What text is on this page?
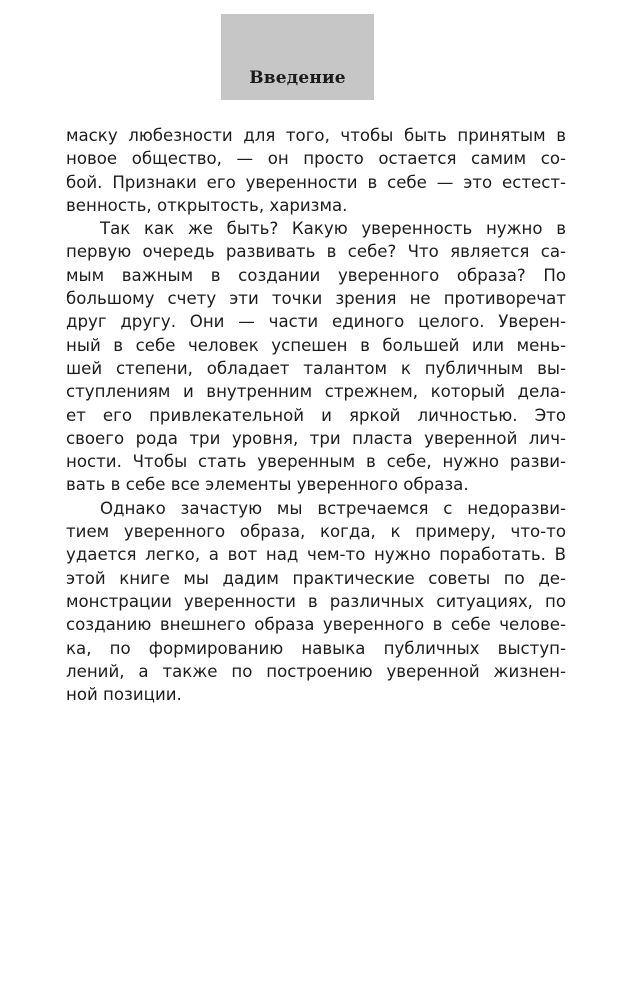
Введение
маску любезности для того, чтобы быть принятым в
новое общество, — он просто остается самим со-
бой. Признаки его уверенности в себе — это естест-
венность, открытость, харизма.
Так как же быть? Какую уверенность нужно в
первую очередь развивать в себе? Что является са-
мым важным в создании уверенного образа? По
большому счету эти точки зрения не противоречат
друг другу. Они — части единого целого. Уверен-
ный в себе человек успешен в большей или мень-
шей степени, обладает талантом к публичным вы-
ступлениям и внутренним стрежнем, который дела-
ет его привлекательной и яркой личностью. Это
своего рода три уровня, три пласта уверенной лич-
ности. Чтобы стать уверенным в себе, нужно разви-
вать в себе все элементы уверенного образа.
Однако зачастую мы встречаемся с недоразви-
тием уверенного образа, когда, к примеру, что-то
удается легко, а вот над чем-то нужно поработать. В
этой книге мы дадим практические советы по де-
монстрации уверенности в различных ситуациях, по
созданию внешнего образа уверенного в себе челове-
ка, по формированию навыка публичных выступ-
лений, а также по построению уверенной жизнен-
ной позиции.
